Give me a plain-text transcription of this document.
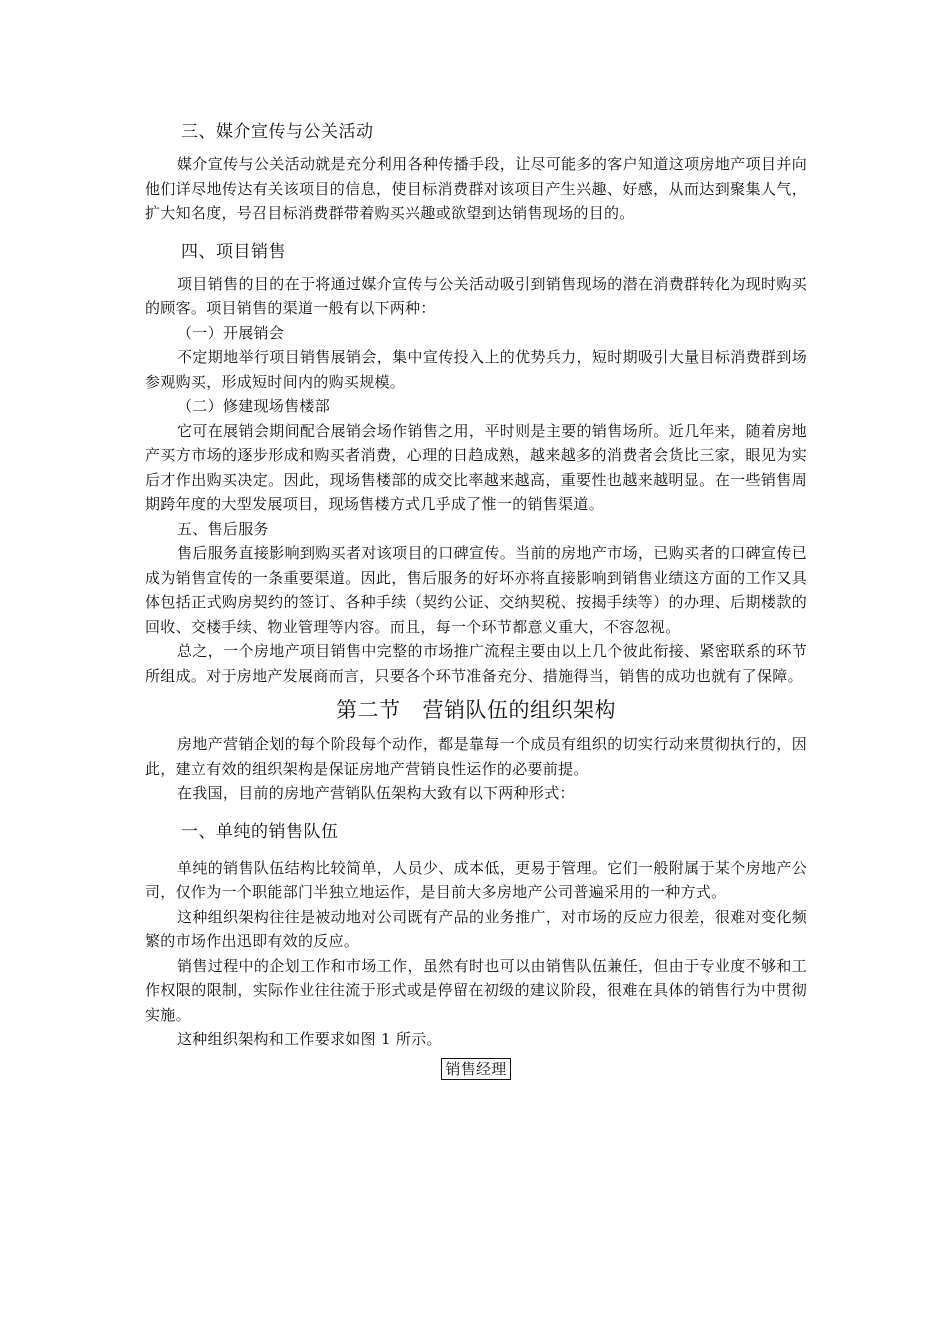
三、媒介宣传与公关活动

媒介宣传与公关活动就是充分利用各种传播手段，让尽可能多的客户知道这项房地产项目并向他们详尽地传达有关该项目的信息，使目标消费群对该项目产生兴趣、好感，从而达到聚集人气，扩大知名度，号召目标消费群带着购买兴趣或欲望到达销售现场的目的。

四、项目销售

项目销售的目的在于将通过媒介宣传与公关活动吸引到销售现场的潜在消费群转化为现时购买的顾客。项目销售的渠道一般有以下两种：

（一）开展销会

不定期地举行项目销售展销会，集中宣传投入上的优势兵力，短时期吸引大量目标消费群到场参观购买，形成短时间内的购买规模。

（二）修建现场售楼部

它可在展销会期间配合展销会场作销售之用，平时则是主要的销售场所。近几年来，随着房地产买方市场的逐步形成和购买者消费，心理的日趋成熟，越来越多的消费者会货比三家，眼见为实后才作出购买决定。因此，现场售楼部的成交比率越来越高，重要性也越来越明显。在一些销售周期跨年度的大型发展项目，现场售楼方式几乎成了惟一的销售渠道。

五、售后服务

售后服务直接影响到购买者对该项目的口碑宣传。当前的房地产市场，已购买者的口碑宣传已成为销售宣传的一条重要渠道。因此，售后服务的好坏亦将直接影响到销售业绩这方面的工作又具体包括正式购房契约的签订、各种手续（契约公证、交纳契税、按揭手续等）的办理、后期楼款的回收、交楼手续、物业管理等内容。而且，每一个环节都意义重大，不容忽视。

总之，一个房地产项目销售中完整的市场推广流程主要由以上几个彼此衔接、紧密联系的环节所组成。对于房地产发展商而言，只要各个环节准备充分、措施得当，销售的成功也就有了保障。

第二节 营销队伍的组织架构

房地产营销企划的每个阶段每个动作，都是靠每一个成员有组织的切实行动来贯彻执行的，因此，建立有效的组织架构是保证房地产营销良性运作的必要前提。

在我国，目前的房地产营销队伍架构大致有以下两种形式：

一、单纯的销售队伍

单纯的销售队伍结构比较简单，人员少、成本低，更易于管理。它们一般附属于某个房地产公司，仅作为一个职能部门半独立地运作，是目前大多房地产公司普遍采用的一种方式。

这种组织架构往往是被动地对公司既有产品的业务推广，对市场的反应力很差，很难对变化频繁的市场作出迅即有效的反应。

销售过程中的企划工作和市场工作，虽然有时也可以由销售队伍兼任，但由于专业度不够和工作权限的限制，实际作业往往流于形式或是停留在初级的建议阶段，很难在具体的销售行为中贯彻实施。

这种组织架构和工作要求如图 1 所示。

销售经理
